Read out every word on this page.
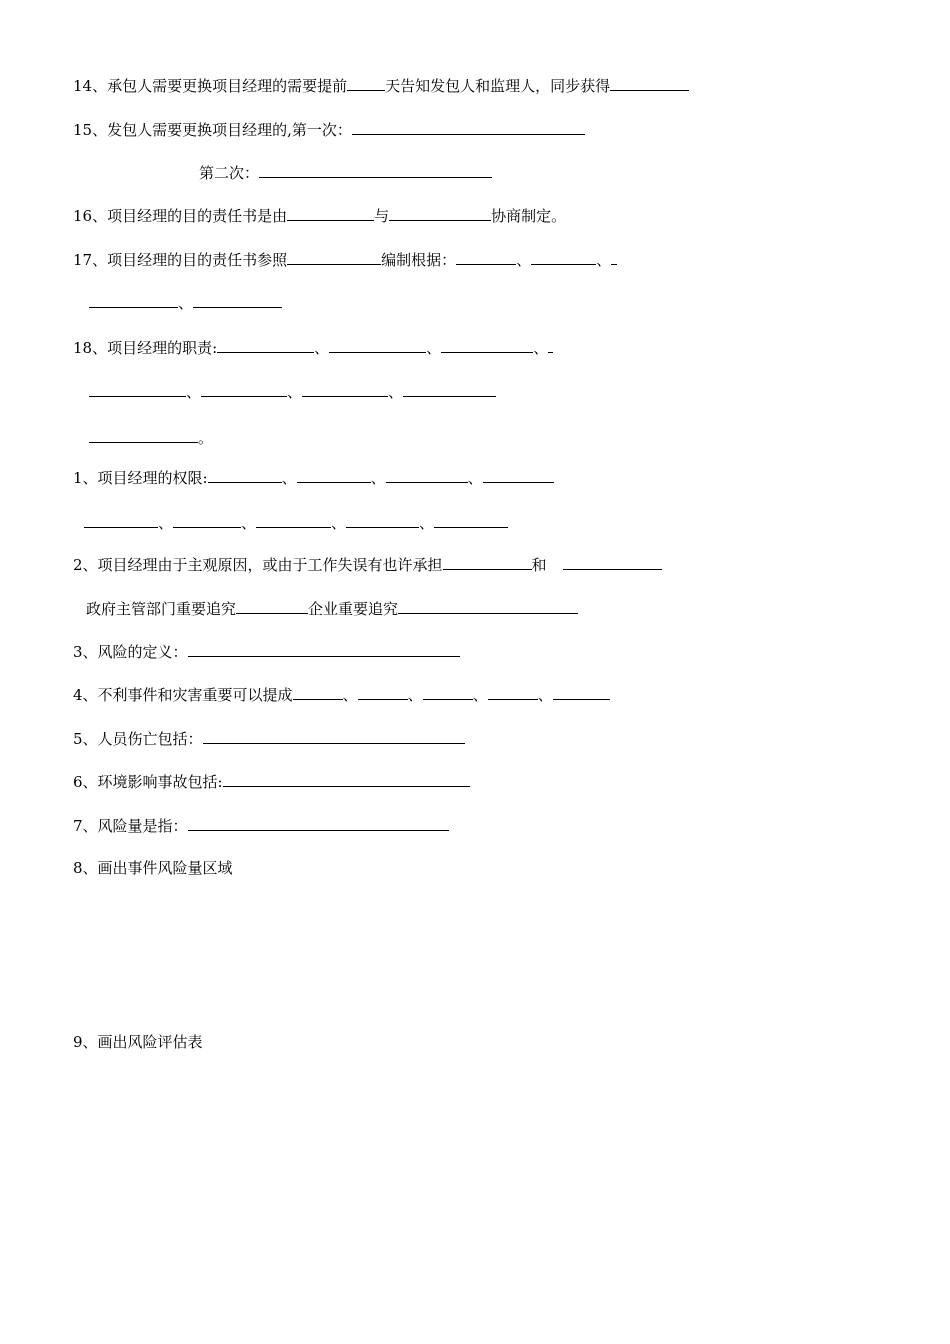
14、承包人需要更换项目经理的需要提前	天告知发包人和监理人，同步获得
15、发包人需要更换项目经理的,第一次：
第二次：
16、项目经理的目的责任书是由	与	协商制定。
17、项目经理的目的责任书参照	编制根据：	、	、
、
18、项目经理的职责:	、	、	、
、	、	、
。
1、项目经理的权限:	、	、	、
、	、	、	、
2、项目经理由于主观原因，或由于工作失误有也许承担	和
政府主管部门重要追究	企业重要追究
3、风险的定义：
4、不利事件和灾害重要可以提成	、	、	、	、
5、人员伤亡包括：
6、环境影响事故包括:
7、风险量是指：
8、画出事件风险量区域
9、画出风险评估表
